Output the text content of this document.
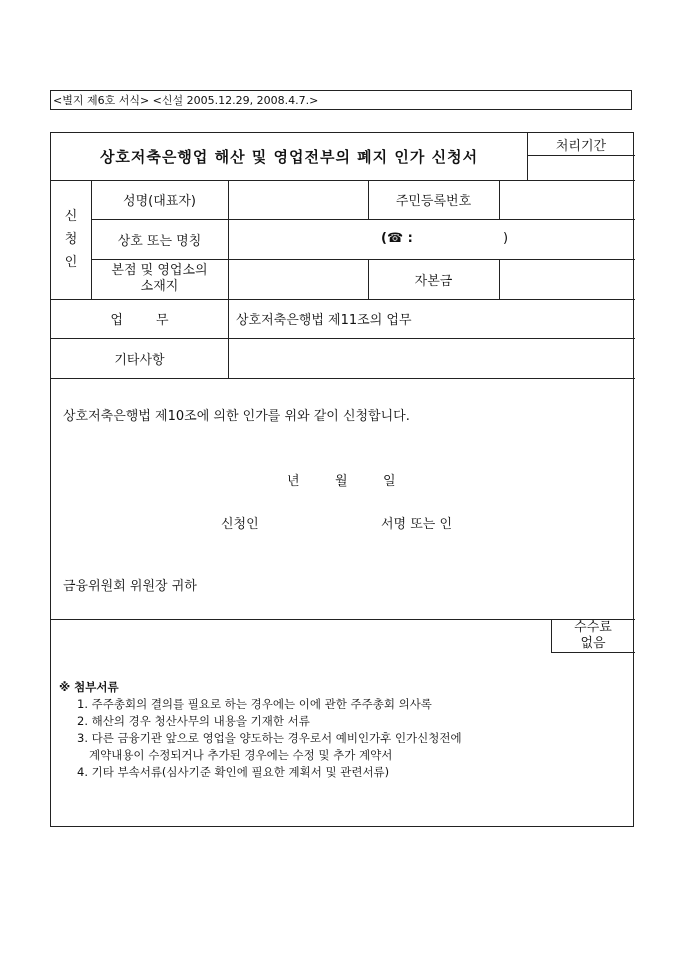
<별지 제6호 서식> <신설 2005.12.29, 2008.4.7.>
상호저축은행업 해산 및 영업전부의 폐지 인가 신청서
처리기간
신
청
인
성명(대표자)	주민등록번호
상호 또는 명칭	(☎ :	)
본점 및 영업소의
소재지	자본금
업        무	상호저축은행법 제11조의 업무
기타사항
상호저축은행법 제10조에 의한 인가를 위와 같이 신청합니다.
년	월	일
신청인	서명 또는 인
금융위원회 위원장 귀하
수수료
없음
※ 첨부서류
1. 주주총회의 결의를 필요로 하는 경우에는 이에 관한 주주총회 의사록
2. 해산의 경우 청산사무의 내용을 기재한 서류
3. 다른 금융기관 앞으로 영업을 양도하는 경우로서 예비인가후 인가신청전에
계약내용이 수정되거나 추가된 경우에는 수정 및 추가 계약서
4. 기타 부속서류(심사기준 확인에 필요한 계획서 및 관련서류)
